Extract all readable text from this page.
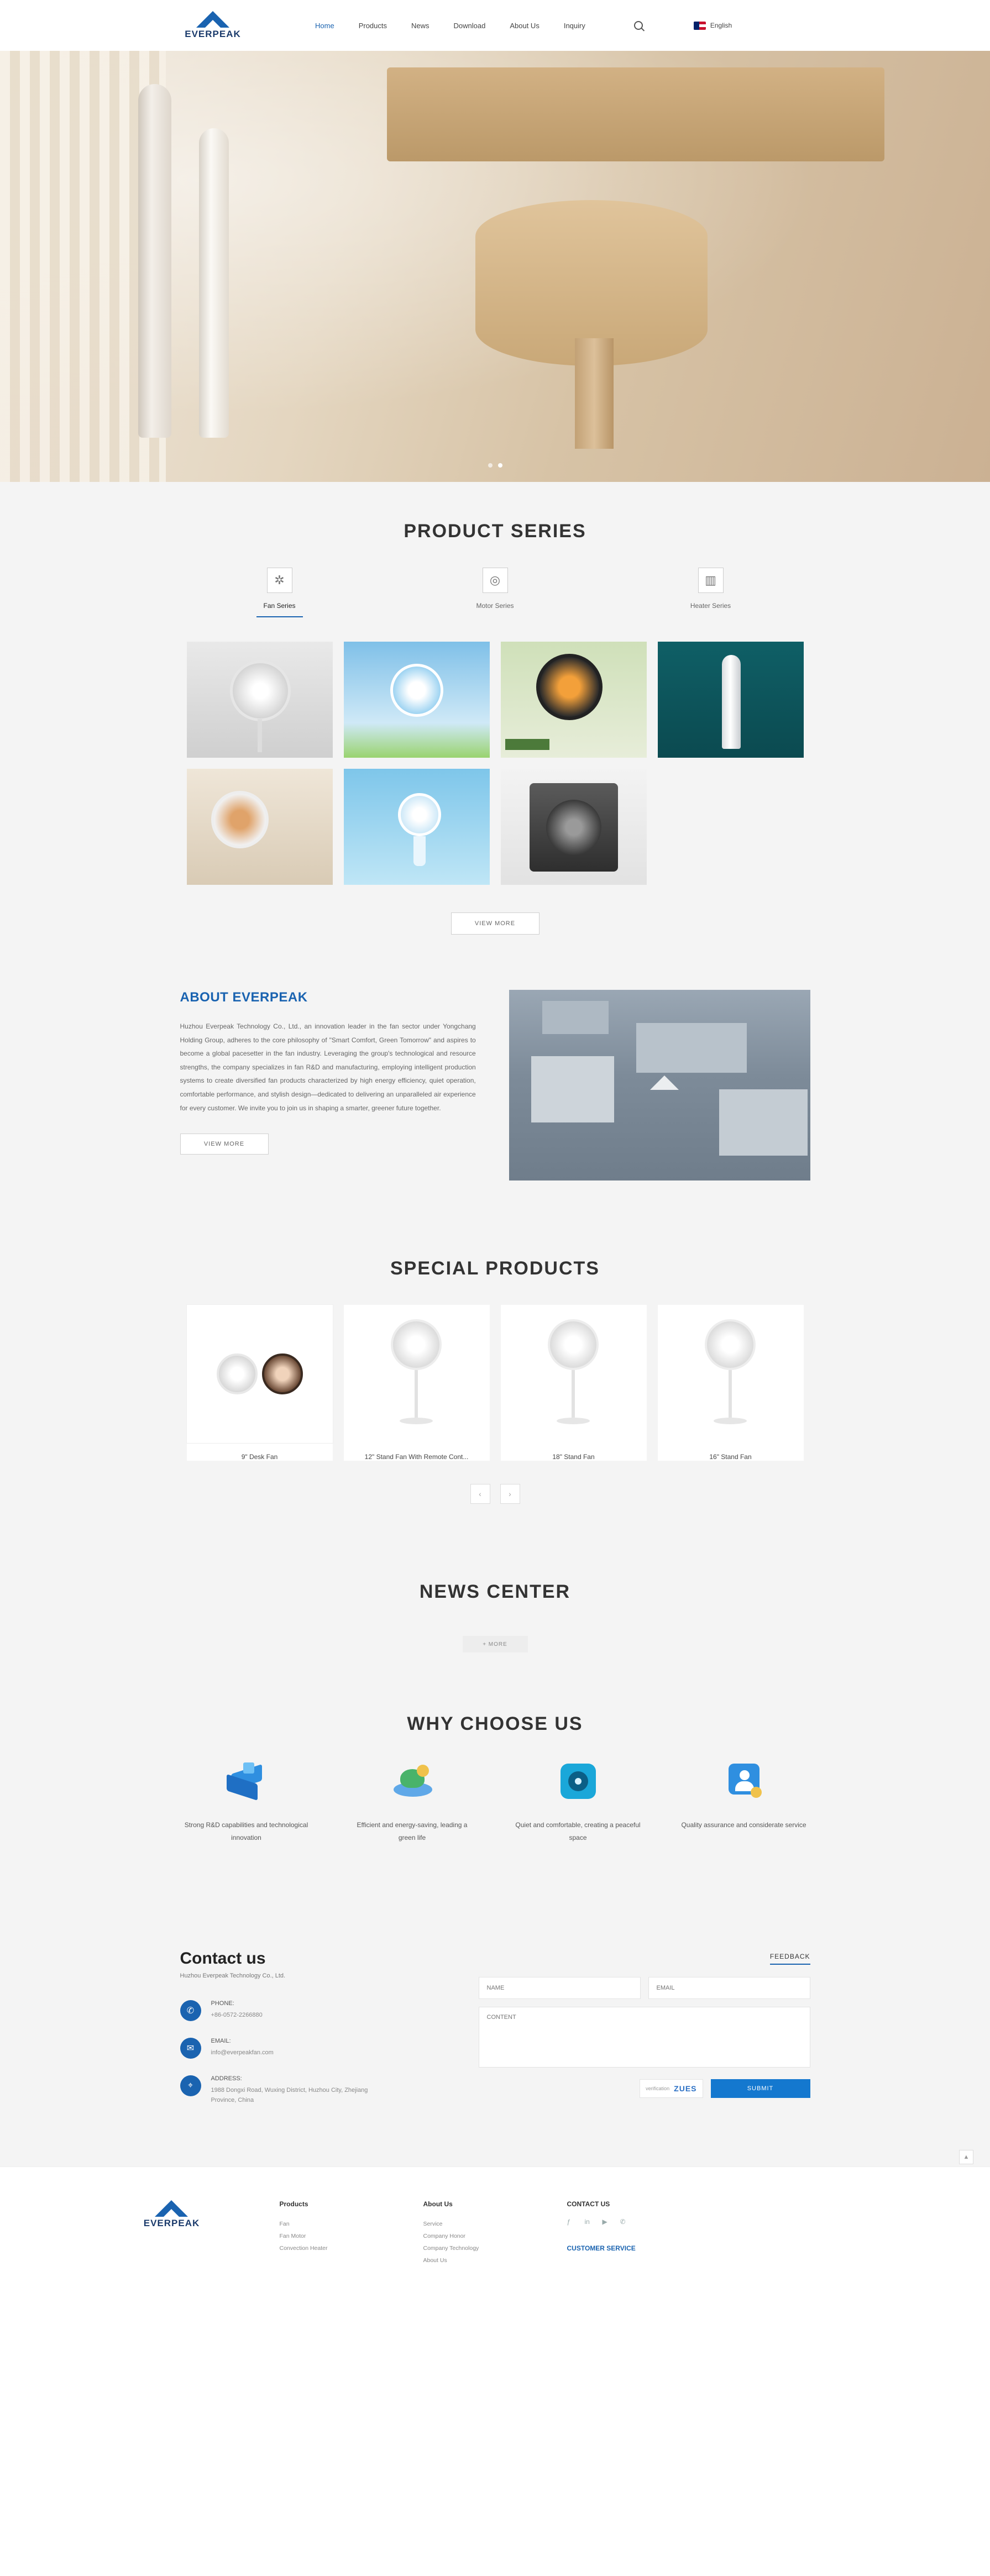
EVERPEAK
Home	Products	News	Download	About Us	Inquiry	English
PRODUCT SERIES
✲
Fan Series
◎
Motor Series
▥
Heater Series
VIEW MORE
ABOUT EVERPEAK
Huzhou Everpeak Technology Co., Ltd., an innovation leader in the fan sector under Yongchang Holding Group, adheres to the core philosophy of "Smart Comfort, Green Tomorrow" and aspires to become a global pacesetter in the fan industry. Leveraging the group's technological and resource strengths, the company specializes in fan R&D and manufacturing, employing intelligent production systems to create diversified fan products characterized by high energy efficiency, quiet operation, comfortable performance, and stylish design—dedicated to delivering an unparalleled air experience for every customer. We invite you to join us in shaping a smarter, greener future together.
VIEW MORE
SPECIAL PRODUCTS
9" Desk Fan	12" Stand Fan With Remote Cont...	18" Stand Fan	16" Stand Fan
‹	›
NEWS CENTER
+ MORE
WHY CHOOSE US
Strong R&D capabilities and technological innovation
Efficient and energy-saving, leading a green life
Quiet and comfortable, creating a peaceful space
Quality assurance and considerate service
Contact us
Huzhou Everpeak Technology Co., Ltd.
✆
PHONE:
+86-0572-2266880
✉
EMAIL:
info@everpeakfan.com
⌖
ADDRESS:
1988 Dongxi Road, Wuxing District, Huzhou City, Zhejiang Province, China
FEEDBACK
NAME
EMAIL
CONTENT
verification ZUES	SUBMIT
EVERPEAK
Products
Fan
Fan Motor
Convection Heater
About Us
Service
Company Honor
Company Technology
About Us
CONTACT US
ƒ	in	▶	✆
CUSTOMER SERVICE
▲
